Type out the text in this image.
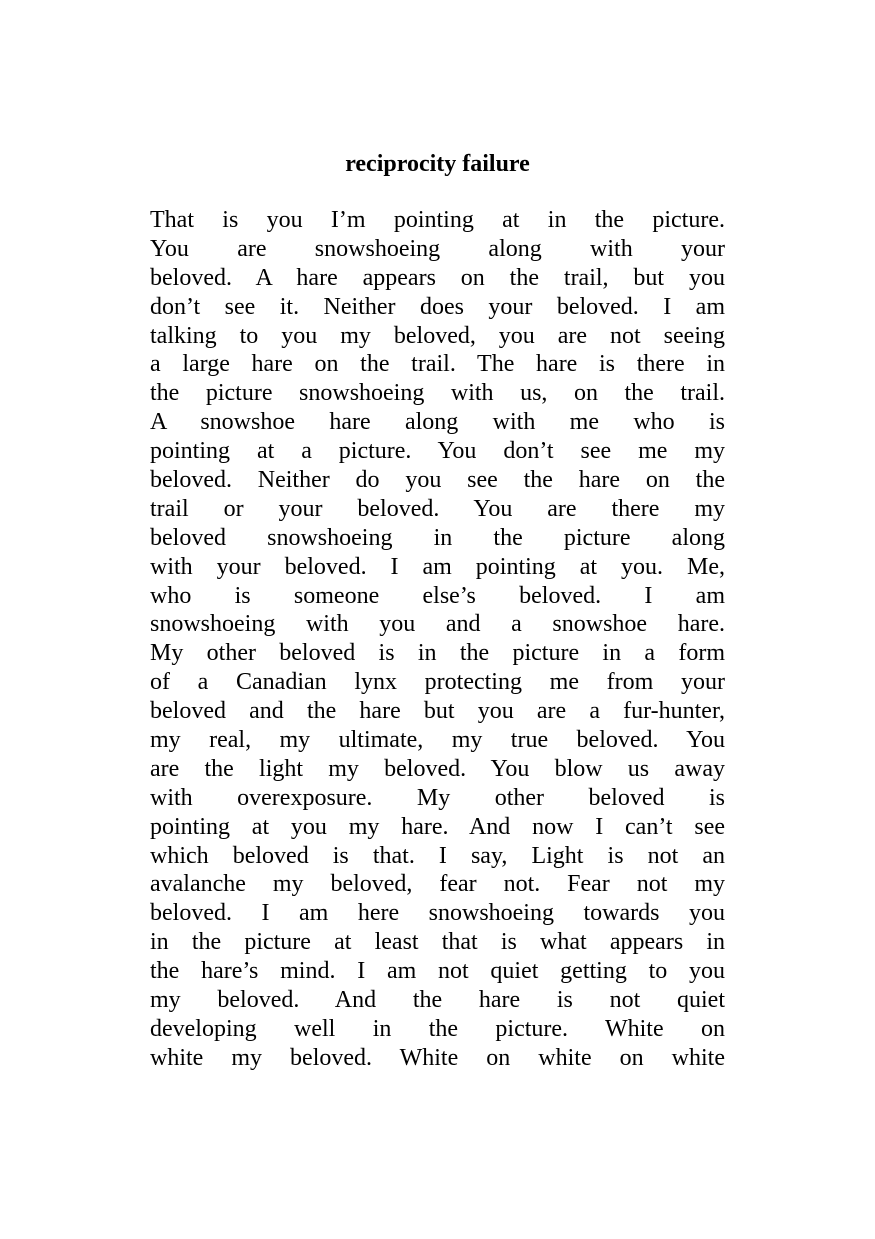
reciprocity failure
That is you I’m pointing at in the picture.
You are snowshoeing along with your
beloved. A hare appears on the trail, but you
don’t see it. Neither does your beloved. I am
talking to you my beloved, you are not seeing
a large hare on the trail. The hare is there in
the picture snowshoeing with us, on the trail.
A snowshoe hare along with me who is
pointing at a picture. You don’t see me my
beloved. Neither do you see the hare on the
trail or your beloved. You are there my
beloved snowshoeing in the picture along
with your beloved. I am pointing at you. Me,
who is someone else’s beloved. I am
snowshoeing with you and a snowshoe hare.
My other beloved is in the picture in a form
of a Canadian lynx protecting me from your
beloved and the hare but you are a fur-hunter,
my real, my ultimate, my true beloved. You
are the light my beloved. You blow us away
with overexposure. My other beloved is
pointing at you my hare. And now I can’t see
which beloved is that. I say, Light is not an
avalanche my beloved, fear not. Fear not my
beloved. I am here snowshoeing towards you
in the picture at least that is what appears in
the hare’s mind. I am not quiet getting to you
my beloved. And the hare is not quiet
developing well in the picture. White on
white my beloved. White on white on white
